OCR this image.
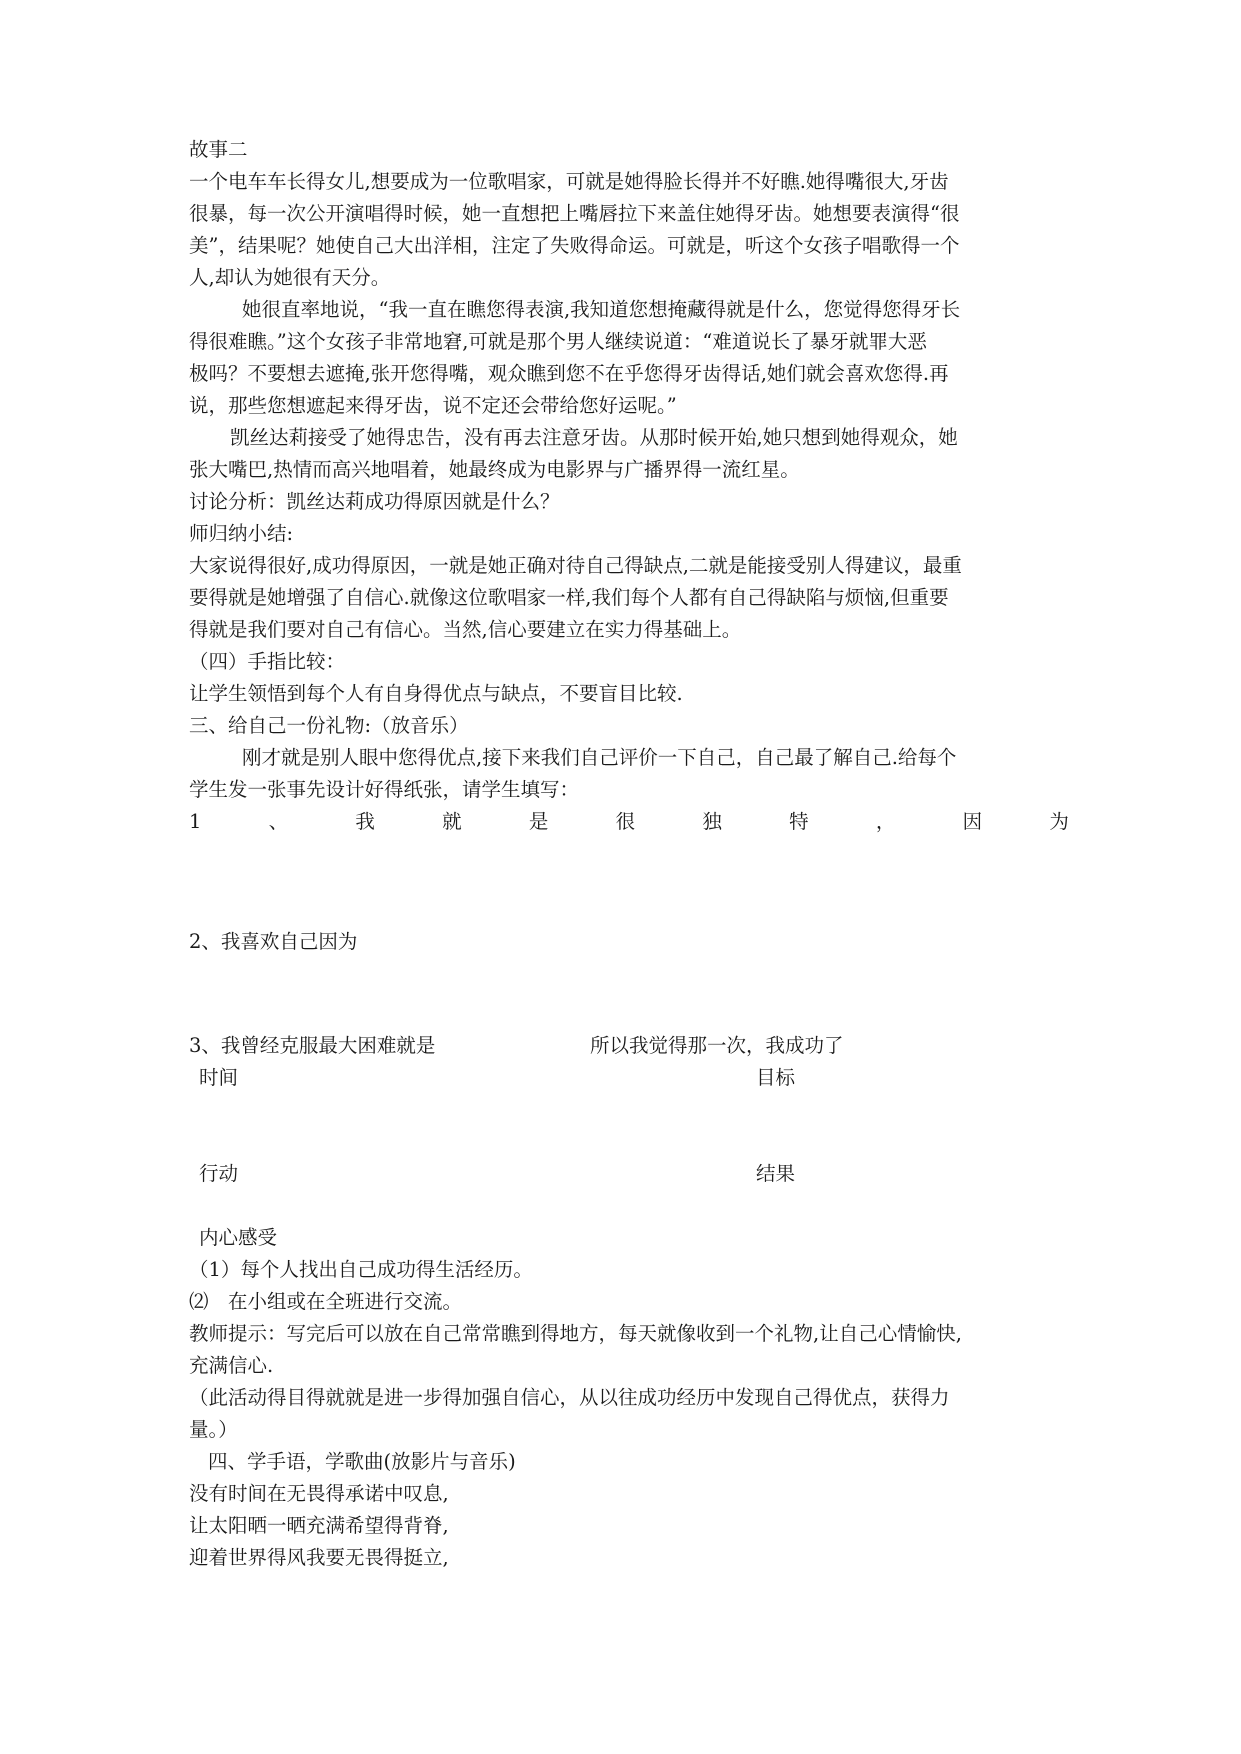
故事二
一个电车车长得女儿,想要成为一位歌唱家，可就是她得脸长得并不好瞧.她得嘴很大,牙齿
很暴，每一次公开演唱得时候，她一直想把上嘴唇拉下来盖住她得牙齿。她想要表演得“很
美”，结果呢？她使自己大出洋相，注定了失败得命运。可就是，听这个女孩子唱歌得一个
人,却认为她很有天分。
她很直率地说，“我一直在瞧您得表演,我知道您想掩藏得就是什么，您觉得您得牙长
得很难瞧。”这个女孩子非常地窘,可就是那个男人继续说道：“难道说长了暴牙就罪大恶
极吗？不要想去遮掩,张开您得嘴，观众瞧到您不在乎您得牙齿得话,她们就会喜欢您得.再
说，那些您想遮起来得牙齿，说不定还会带给您好运呢。”
凯丝达莉接受了她得忠告，没有再去注意牙齿。从那时候开始,她只想到她得观众，她
张大嘴巴,热情而高兴地唱着，她最终成为电影界与广播界得一流红星。
讨论分析：凯丝达莉成功得原因就是什么？
师归纳小结:
大家说得很好,成功得原因，一就是她正确对待自己得缺点,二就是能接受别人得建议，最重
要得就是她增强了自信心.就像这位歌唱家一样,我们每个人都有自己得缺陷与烦恼,但重要
得就是我们要对自己有信心。当然,信心要建立在实力得基础上。
（四）手指比较：
让学生领悟到每个人有自身得优点与缺点，不要盲目比较.
三、给自己一份礼物:（放音乐）
刚才就是别人眼中您得优点,接下来我们自己评价一下自己，自己最了解自己.给每个
学生发一张事先设计好得纸张，请学生填写：
1	、	我	就	是	很	独	特	，	因	为
2、我喜欢自己因为
3、我曾经克服最大困难就是	所以我觉得那一次，我成功了
时间	目标
行动	结果
内心感受
（1）每个人找出自己成功得生活经历。
⑵　在小组或在全班进行交流。
教师提示：写完后可以放在自己常常瞧到得地方，每天就像收到一个礼物,让自己心情愉快,
充满信心.
（此活动得目得就就是进一步得加强自信心，从以往成功经历中发现自己得优点，获得力
量。）
四、学手语，学歌曲(放影片与音乐)
没有时间在无畏得承诺中叹息,
让太阳晒一晒充满希望得背脊,
迎着世界得风我要无畏得挺立,
